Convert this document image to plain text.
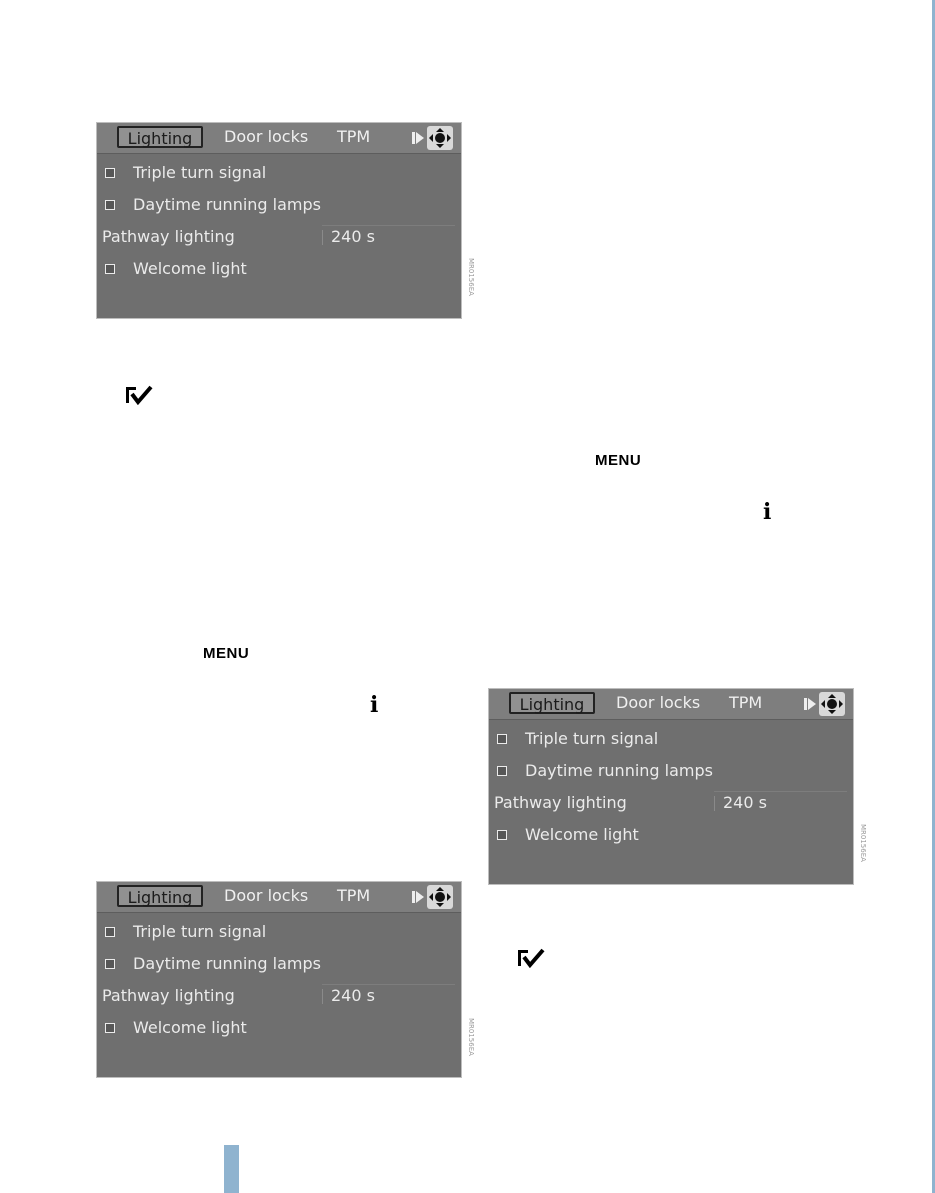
Lighting	Door locks TPM
Triple turn signal
Daytime running lamps
Pathway lighting	240 s
Welcome light	MR0156EA
MENU
i
MENU
i	Lighting	Door locks TPM
Triple turn signal
Daytime running lamps
Pathway lighting	240 s
Welcome light	MR0156EA
Lighting	Door locks TPM
Triple turn signal
Daytime running lamps
Pathway lighting	240 s
Welcome light	MR0156EA
